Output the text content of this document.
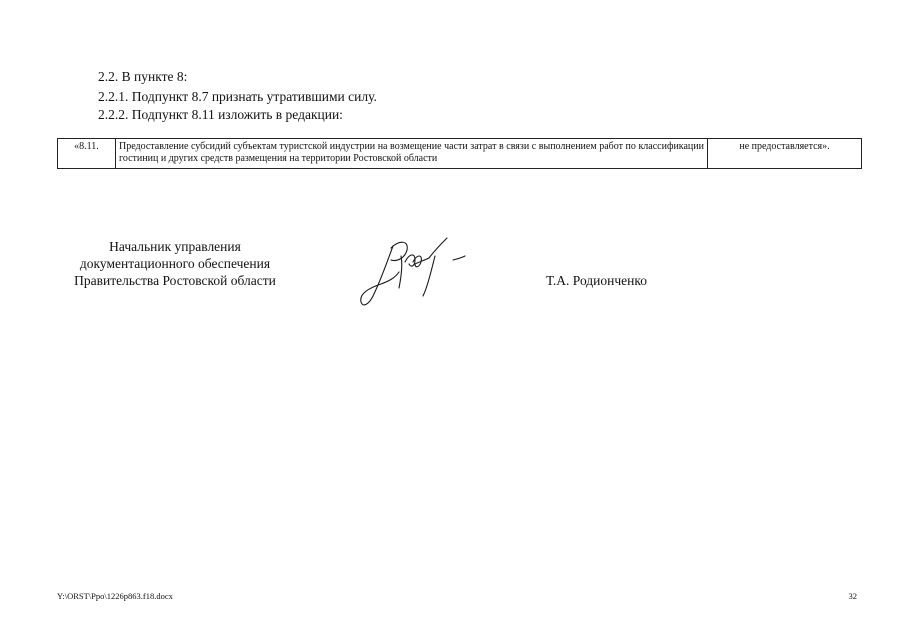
2.2. В пункте 8:
2.2.1. Подпункт 8.7 признать утратившими силу.
2.2.2. Подпункт 8.11 изложить в редакции:
«8.11.	Предоставление субсидий субъектам туристской индустрии на возмещение части затрат в связи с выполнением работ по классификации гостиниц и других средств размещения на территории Ростовской области	не предоставляется».
Начальник управления
документационного обеспечения
Правительства Ростовской области	Т.А. Родионченко
Y:\ORST\Ppo\1226p863.f18.docx	32
